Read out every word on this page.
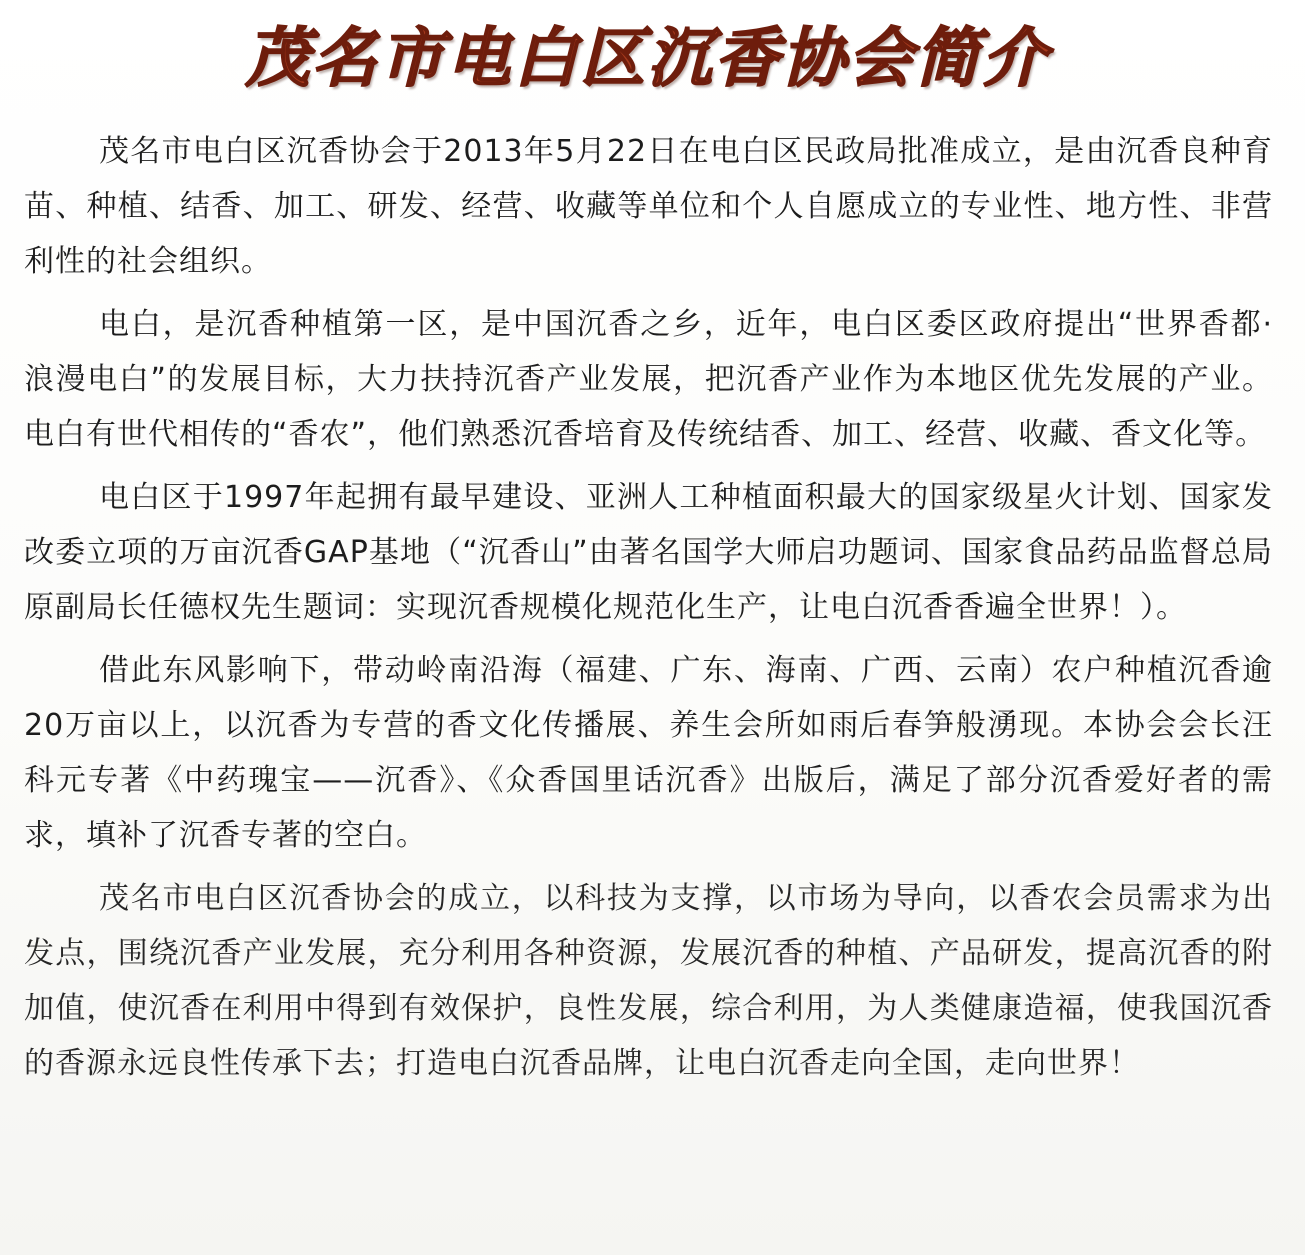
茂名市电白区沉香协会简介

茂名市电白区沉香协会于2013年5月22日在电白区民政局批准成立，是由沉香良种育苗、种植、结香、加工、研发、经营、收藏等单位和个人自愿成立的专业性、地方性、非营利性的社会组织。

电白，是沉香种植第一区，是中国沉香之乡，近年，电白区委区政府提出“世界香都·浪漫电白”的发展目标，大力扶持沉香产业发展，把沉香产业作为本地区优先发展的产业。电白有世代相传的“香农”，他们熟悉沉香培育及传统结香、加工、经营、收藏、香文化等。

电白区于1997年起拥有最早建设、亚洲人工种植面积最大的国家级星火计划、国家发改委立项的万亩沉香GAP基地（“沉香山”由著名国学大师启功题词、国家食品药品监督总局原副局长任德权先生题词：实现沉香规模化规范化生产，让电白沉香香遍全世界！）。

借此东风影响下，带动岭南沿海（福建、广东、海南、广西、云南）农户种植沉香逾20万亩以上，以沉香为专营的香文化传播展、养生会所如雨后春笋般湧现。本协会会长汪科元专著《中药瑰宝——沉香》、《众香国里话沉香》出版后，满足了部分沉香爱好者的需求，填补了沉香专著的空白。

茂名市电白区沉香协会的成立，以科技为支撑，以市场为导向，以香农会员需求为出发点，围绕沉香产业发展，充分利用各种资源，发展沉香的种植、产品研发，提高沉香的附加值，使沉香在利用中得到有效保护，良性发展，综合利用，为人类健康造福，使我国沉香的香源永远良性传承下去；打造电白沉香品牌，让电白沉香走向全国，走向世界！
